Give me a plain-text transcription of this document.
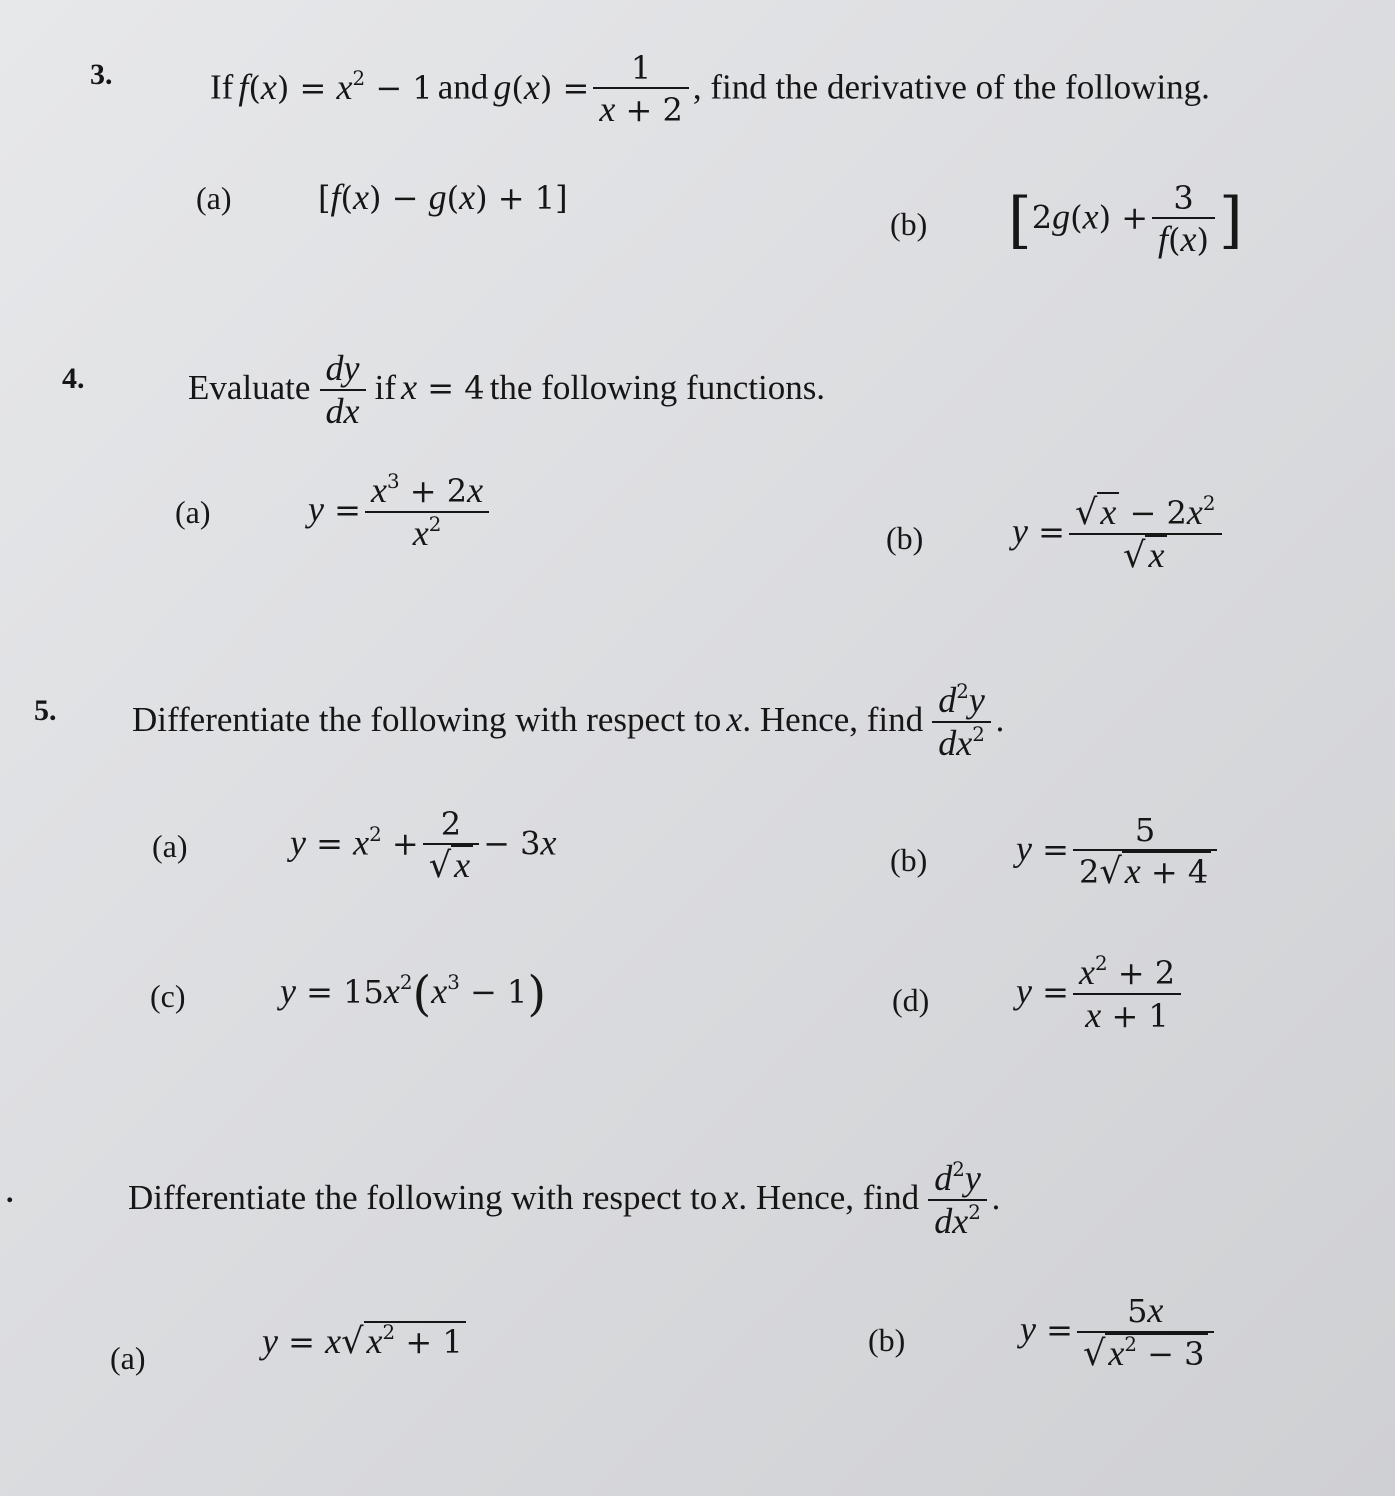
3.	If $f(x) = x^2 - 1$ and $g(x) = \frac{1}{x + 2}$ , find the derivative of the following.
(a)	[f(x) − g(x) + 1]
(b) [$2g(x) + \frac{3}{f(x)}$ ]
4.	Evaluate $\frac{dy}{dx}$ if x = 4 the following functions.
(a)	$y = \frac{x^3 + 2x}{x^2}$	(b) $y = \frac{√x - 2x^2}{√x}$
5. Differentiate the following with respect to x. Hence, find $\frac{d^2y}{dx^2}$ .
(a)	$y = x^2 + \frac{2}{√x} - 3x$	(b) $y = \frac{5}{2√x + 4}$
(c)	$y = 15x^2(x^3 - 1)$	(d) $y = \frac{x^2 + 2}{x + 1}$
.	Differentiate the following with respect to x. Hence, find $\frac{d^2y}{dx^2}$ .
(a)	$y = x√x^2 + 1$	(b)	$y = \frac{5x}{√x^2 - 3}$
